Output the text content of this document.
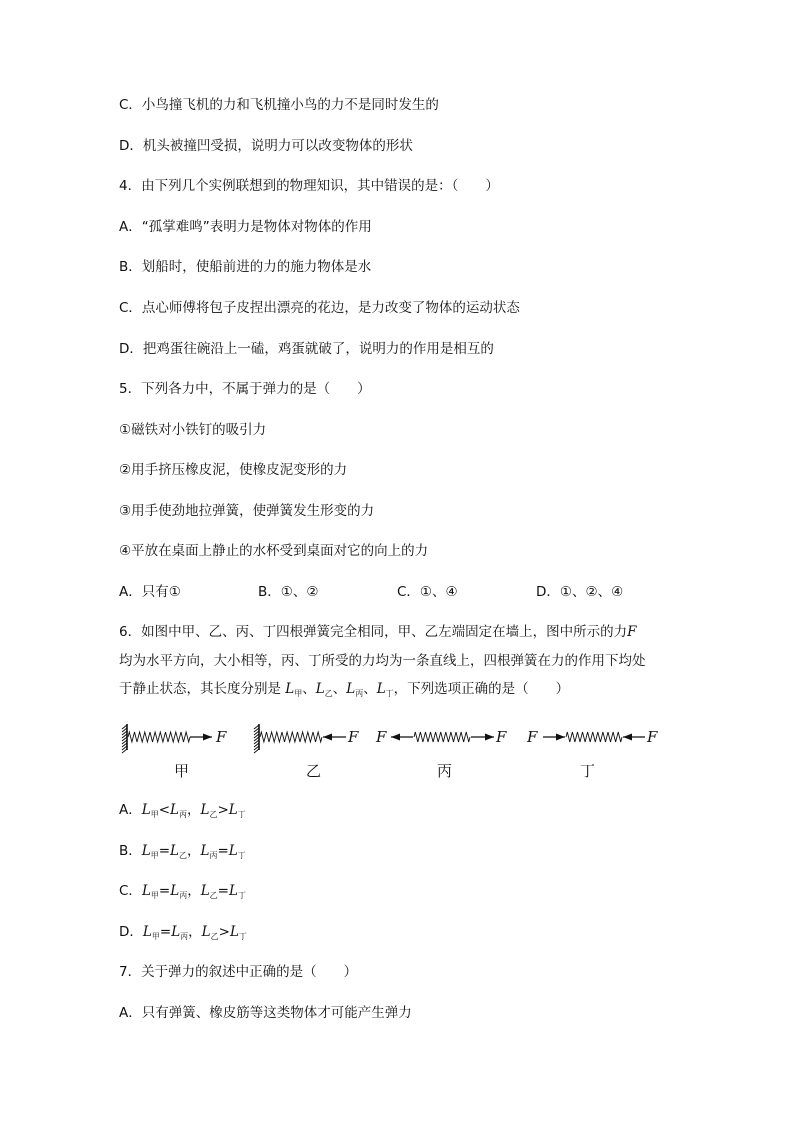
C．小鸟撞飞机的力和飞机撞小鸟的力不是同时发生的
D．机头被撞凹受损，说明力可以改变物体的形状
4．由下列几个实例联想到的物理知识，其中错误的是：（　　）
A．“孤掌难鸣”表明力是物体对物体的作用
B．划船时，使船前进的力的施力物体是水
C．点心师傅将包子皮捏出漂亮的花边，是力改变了物体的运动状态
D．把鸡蛋往碗沿上一磕，鸡蛋就破了，说明力的作用是相互的
5．下列各力中，不属于弹力的是（　　）
①磁铁对小铁钉的吸引力
②用手挤压橡皮泥，使橡皮泥变形的力
③用手使劲地拉弹簧，使弹簧发生形变的力
④平放在桌面上静止的水杯受到桌面对它的向上的力
A．只有①	B．①、②	C．①、④	D．①、②、④
6．如图中甲、乙、丙、丁四根弹簧完全相同，甲、乙左端固定在墙上，图中所示的力F
均为水平方向，大小相等，丙、丁所受的力均为一条直线上，四根弹簧在力的作用下均处
于静止状态，其长度分别是 $L_甲$、$L_乙$、$L_丙$、$L_丁$，下列选项正确的是（　　）
F	F F	F F	F
甲	乙	丙	丁
A．$L_甲<L_丙$，$L_乙>L_丁$
B．$L_甲=L_乙$，$L_丙=L_丁$
C．$L_甲=L_丙$，$L_乙=L_丁$
D．$L_甲=L_丙$，$L_乙>L_丁$
7．关于弹力的叙述中正确的是（　　）
A．只有弹簧、橡皮筋等这类物体才可能产生弹力
